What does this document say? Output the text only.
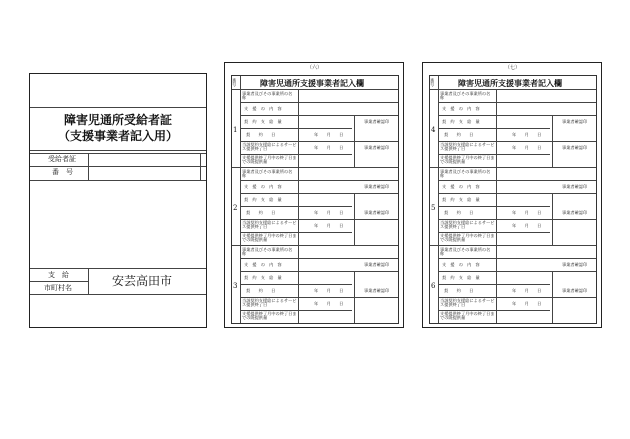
障害児通所受給者証
（支援事業者記入用）
受給者証
番　号
支　給
市町村名	安芸高田市
（六）
番号	障害児通所支援事業者記入欄
1
事業者及びその事業所の名称
支　援　の　内　容
事業者確認印
契　約　支　給　量
契　　約　　日	年　　月　　日
当該契約支援給によるサービス提供終了日	年　　月　　日	事業者確認印
支援提供終了月中の終了日までの既提供量
2
事業者及びその事業所の名称
支　援　の　内　容	事業者確認印
契　約　支　給　量
契　　約　　日	年　　月　　日	事業者確認印
当該契約支援給によるサービス提供終了日	年　　月　　日
支援提供終了月中の終了日までの既提供量
3
事業者及びその事業所の名称
支　援　の　内　容	事業者確認印
契　約　支　給　量
契　　約　　日	年　　月　　日	事業者確認印
当該契約支援給によるサービス提供終了日	年　　月　　日
支援提供終了月中の終了日までの既提供量
（七）
番号	障害児通所支援事業者記入欄
4
事業者及びその事業所の名称
支　援　の　内　容
事業者確認印
契　約　支　給　量
契　　約　　日	年　　月　　日
当該契約支援給によるサービス提供終了日	年　　月　　日	事業者確認印
支援提供終了月中の終了日までの既提供量
5
事業者及びその事業所の名称
支　援　の　内　容	事業者確認印
契　約　支　給　量
契　　約　　日	年　　月　　日	事業者確認印
当該契約支援給によるサービス提供終了日	年　　月　　日
支援提供終了月中の終了日までの既提供量
6
事業者及びその事業所の名称
支　援　の　内　容	事業者確認印
契　約　支　給　量
契　　約　　日	年　　月　　日	事業者確認印
当該契約支援給によるサービス提供終了日	年　　月　　日
支援提供終了月中の終了日までの既提供量
